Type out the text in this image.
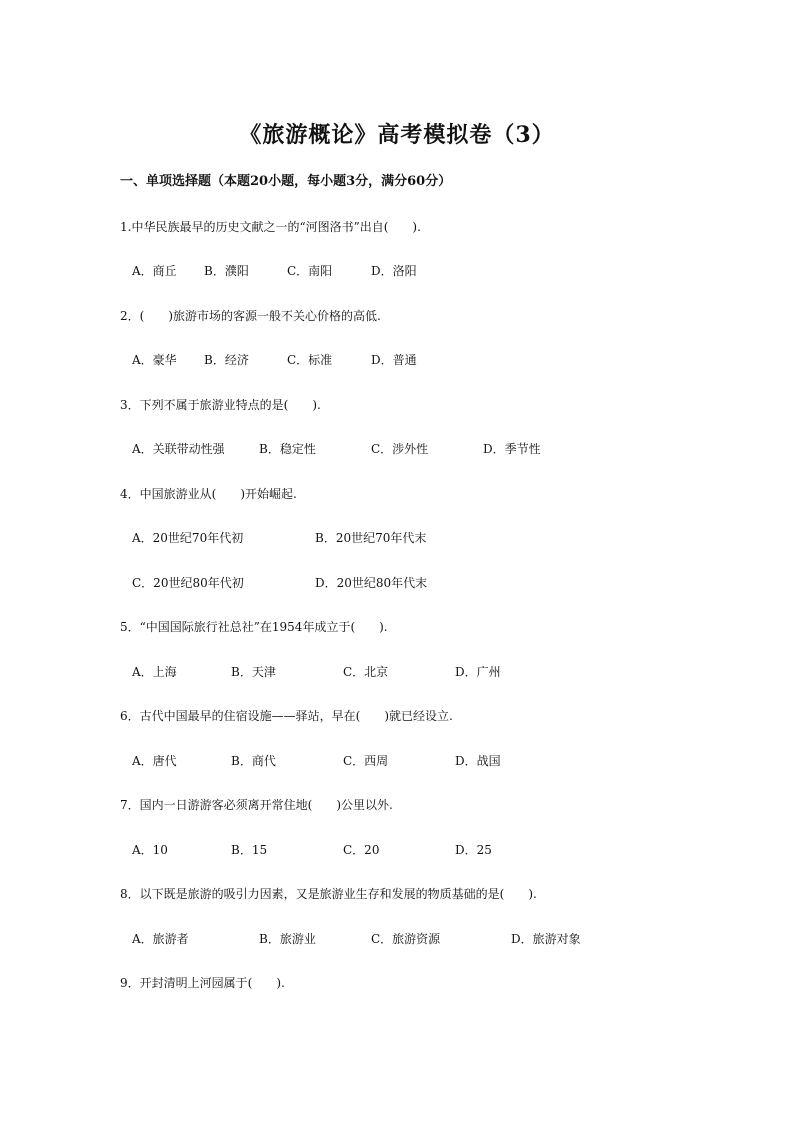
《旅游概论》高考模拟卷（3）
一、单项选择题（本题20小题，每小题3分，满分60分）
1.中华民族最早的历史文献之一的“河图洛书”出自(　　).
A．商丘 B．濮阳	C．南阳	D．洛阳
2．(　　)旅游市场的客源一般不关心价格的高低.
A．豪华 B．经济	C．标准	D．普通
3．下列不属于旅游业特点的是(　　).
A．关联带动性强	B．稳定性	C．涉外性	D．季节性
4．中国旅游业从(　　)开始崛起.
A．20世纪70年代初	B．20世纪70年代末
C．20世纪80年代初	D．20世纪80年代末
5．“中国国际旅行社总社”在1954年成立于(　　).
A．上海	B．天津	C．北京	D．广州
6．古代中国最早的住宿设施——驿站，早在(　　)就已经设立.
A．唐代	B．商代	C．西周	D．战国
7．国内一日游游客必须离开常住地(　　)公里以外.
A．10	B．15	C．20	D．25
8．以下既是旅游的吸引力因素，又是旅游业生存和发展的物质基础的是(　　).
A．旅游者	B．旅游业	C．旅游资源	D．旅游对象
9．开封清明上河园属于(　　).
